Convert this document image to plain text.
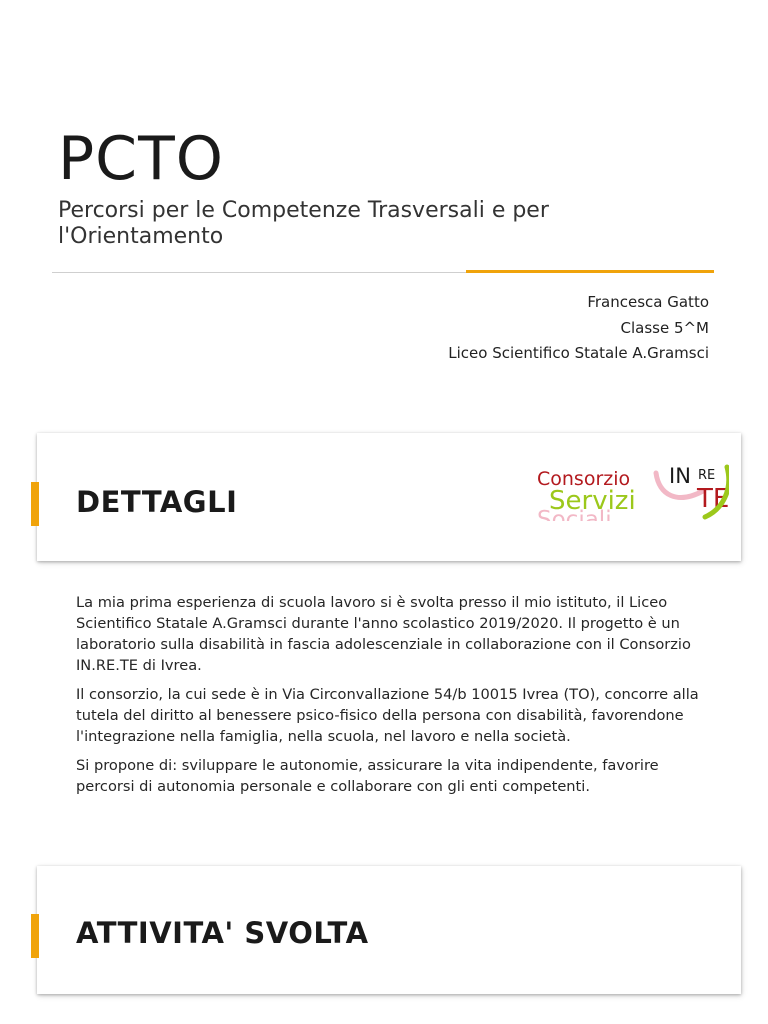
PCTO
Percorsi per le Competenze Trasversali e per l'Orientamento
Francesca Gatto
Classe 5^M
Liceo Scientifico Statale A.Gramsci
DETTAGLI
Consorzio
Sociali
Servizi
IN RE
TE

La mia prima esperienza di scuola lavoro si è svolta presso il mio istituto, il Liceo Scientifico Statale A.Gramsci durante l'anno scolastico 2019/2020. Il progetto è un laboratorio sulla disabilità in fascia adolescenziale in collaborazione con il Consorzio IN.RE.TE di Ivrea.

Il consorzio, la cui sede è in Via Circonvallazione 54/b 10015 Ivrea (TO), concorre alla tutela del diritto al benessere psico-fisico della persona con disabilità, favorendone l'integrazione nella famiglia, nella scuola, nel lavoro e nella società.

Si propone di: sviluppare le autonomie, assicurare la vita indipendente, favorire percorsi di autonomia personale e collaborare con gli enti competenti.

ATTIVITA' SVOLTA
